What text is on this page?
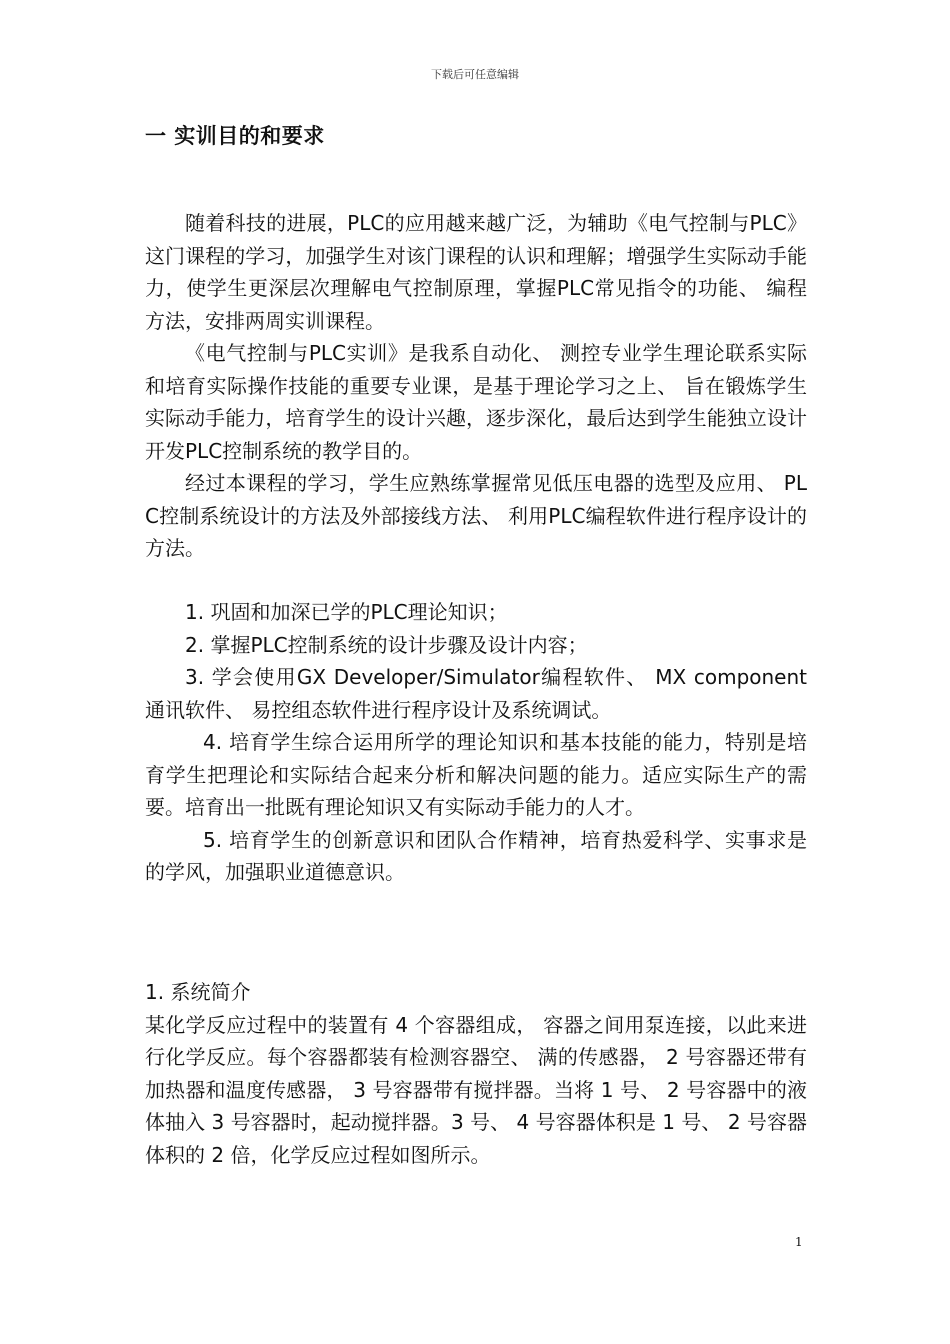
下载后可任意编辑
一 实训目的和要求

随着科技的进展，PLC的应用越来越广泛，为辅助《电气控制与PLC》这门课程的学习，加强学生对该门课程的认识和理解；增强学生实际动手能力，使学生更深层次理解电气控制原理，掌握PLC常见指令的功能、 编程方法，安排两周实训课程。

《电气控制与PLC实训》是我系自动化、 测控专业学生理论联系实际和培育实际操作技能的重要专业课，是基于理论学习之上、 旨在锻炼学生实际动手能力，培育学生的设计兴趣，逐步深化，最后达到学生能独立设计开发PLC控制系统的教学目的。

经过本课程的学习，学生应熟练掌握常见低压电器的选型及应用、 PLC控制系统设计的方法及外部接线方法、 利用PLC编程软件进行程序设计的方法。

1. 巩固和加深已学的PLC理论知识；

2. 掌握PLC控制系统的设计步骤及设计内容；

3. 学会使用GX Developer/Simulator编程软件、 MX component通讯软件、 易控组态软件进行程序设计及系统调试。

4. 培育学生综合运用所学的理论知识和基本技能的能力，特别是培育学生把理论和实际结合起来分析和解决问题的能力。适应实际生产的需要。培育出一批既有理论知识又有实际动手能力的人才。

5. 培育学生的创新意识和团队合作精神，培育热爱科学、实事求是的学风，加强职业道德意识。

1. 系统简介

某化学反应过程中的装置有 4 个容器组成， 容器之间用泵连接，以此来进行化学反应。每个容器都装有检测容器空、 满的传感器， 2 号容器还带有加热器和温度传感器， 3 号容器带有搅拌器。当将 1 号、 2 号容器中的液体抽入 3 号容器时，起动搅拌器。3 号、 4 号容器体积是 1 号、 2 号容器体积的 2 倍，化学反应过程如图所示。

1
